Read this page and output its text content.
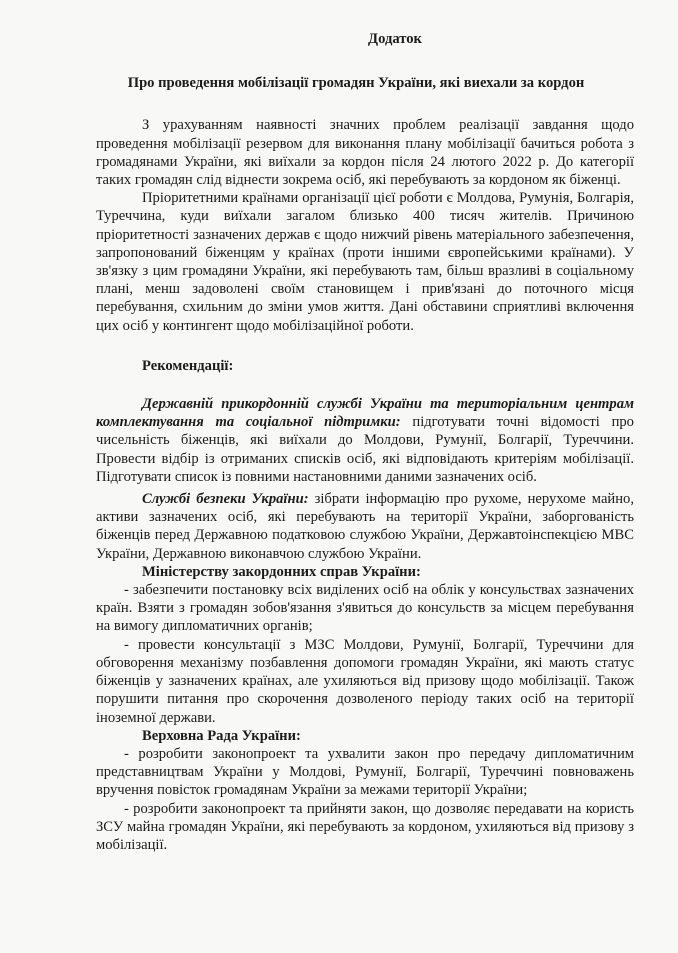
Додаток
Про проведення мобілізації громадян України, які виехали за кордон

З урахуванням наявності значних проблем реалізації завдання щодо проведення мобілізації резервом для виконання плану мобілізації бачиться робота з громадянами України, які виїхали за кордон після 24 лютого 2022 р. До категорії таких громадян слід віднести зокрема осіб, які перебувають за кордоном як біженці.

Пріоритетними країнами організації цієї роботи є Молдова, Румунія, Болгарія, Туреччина, куди виїхали загалом близько 400 тисяч жителів. Причиною пріоритетності зазначених держав є щодо нижчий рівень матеріального забезпечення, запропонований біженцям у країнах (проти іншими європейськими країнами). У зв'язку з цим громадяни України, які перебувають там, більш вразливі в соціальному плані, менш задоволені своїм становищем і прив'язані до поточного місця перебування, схильним до зміни умов життя. Дані обставини сприятливі включення цих осіб у контингент щодо мобілізаційної роботи.

Рекомендації:

Державній прикордонній службі України та територіальним центрам комплектування та соціальної підтримки: підготувати точні відомості про чисельність біженців, які виїхали до Молдови, Румунії, Болгарії, Туреччини. Провести відбір із отриманих списків осіб, які відповідають критеріям мобілізації. Підготувати список із повними настановними даними зазначених осіб.

Службі безпеки України: зібрати інформацію про рухоме, нерухоме майно, активи зазначених осіб, які перебувають на території України, заборгованість біженців перед Державною податковою службою України, Державтоінспекцією МВС України, Державною виконавчою службою України.

Міністерству закордонних справ України:

- забезпечити постановку всіх виділених осіб на облік у консульствах зазначених країн. Взяти з громадян зобов'язання з'явиться до консульств за місцем перебування на вимогу дипломатичних органів;

- провести консультації з МЗС Молдови, Румунії, Болгарії, Туреччини для обговорення механізму позбавлення допомоги громадян України, які мають статус біженців у зазначених країнах, але ухиляються від призову щодо мобілізації. Також порушити питання про скорочення дозволеного періоду таких осіб на території іноземної держави.

Верховна Рада України:

- розробити законопроект та ухвалити закон про передачу дипломатичним представництвам України у Молдові, Румунії, Болгарії, Туреччині повноважень вручення повісток громадянам України за межами території України;

- розробити законопроект та прийняти закон, що дозволяє передавати на користь ЗСУ майна громадян України, які перебувають за кордоном, ухиляються від призову з мобілізації.
